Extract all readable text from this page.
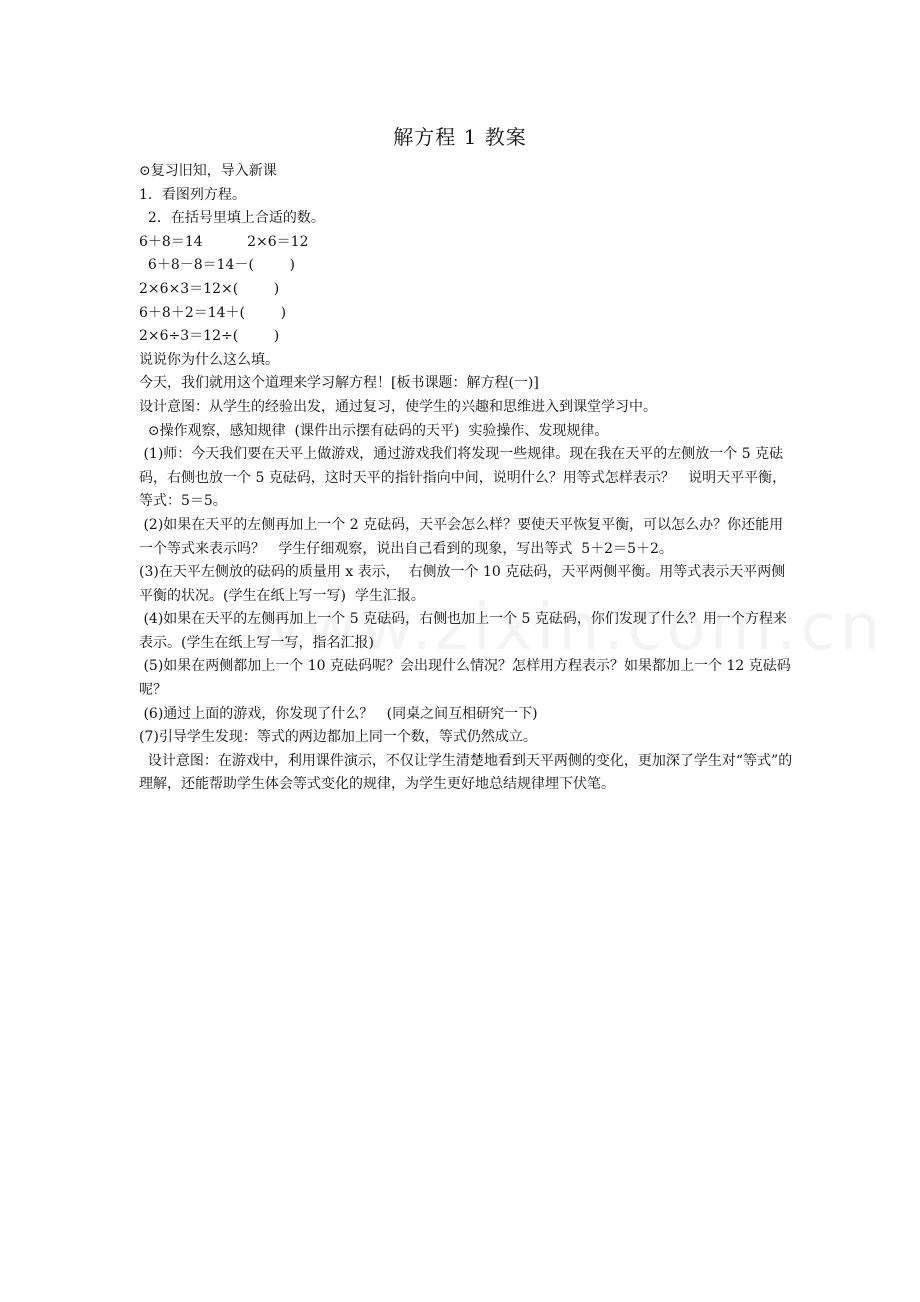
解方程 1 教案

⊙复习旧知，导入新课

1．看图列方程。

2．在括号里填上合适的数。

6＋8＝14          2×6＝12

6＋8－8＝14－(        )

2×6×3＝12×(        )

6＋8＋2＝14＋(        )

2×6÷3＝12÷(        )

说说你为什么这么填。

今天，我们就用这个道理来学习解方程！[板书课题：解方程(一)]

设计意图：从学生的经验出发，通过复习，使学生的兴趣和思维进入到课堂学习中。

⊙操作观察，感知规律  (课件出示摆有砝码的天平)  实验操作、发现规律。

(1)师：今天我们要在天平上做游戏，通过游戏我们将发现一些规律。现在我在天平的左侧放一个 5 克砝码，右侧也放一个 5 克砝码，这时天平的指针指向中间，说明什么？用等式怎样表示？   说明天平平衡，等式：5＝5。

(2)如果在天平的左侧再加上一个 2 克砝码，天平会怎么样？要使天平恢复平衡，可以怎么办？你还能用一个等式来表示吗？   学生仔细观察，说出自己看到的现象，写出等式  5＋2＝5＋2。

(3)在天平左侧放的砝码的质量用 x 表示，  右侧放一个 10 克砝码，天平两侧平衡。用等式表示天平两侧平衡的状况。(学生在纸上写一写)  学生汇报。

(4)如果在天平的左侧再加上一个 5 克砝码，右侧也加上一个 5 克砝码，你们发现了什么？用一个方程来表示。(学生在纸上写一写，指名汇报)

(5)如果在两侧都加上一个 10 克砝码呢？会出现什么情况？怎样用方程表示？如果都加上一个 12 克砝码呢？

(6)通过上面的游戏，你发现了什么？   (同桌之间互相研究一下)

(7)引导学生发现：等式的两边都加上同一个数，等式仍然成立。

设计意图：在游戏中，利用课件演示，不仅让学生清楚地看到天平两侧的变化，更加深了学生对“等式”的理解，还能帮助学生体会等式变化的规律，为学生更好地总结规律埋下伏笔。
